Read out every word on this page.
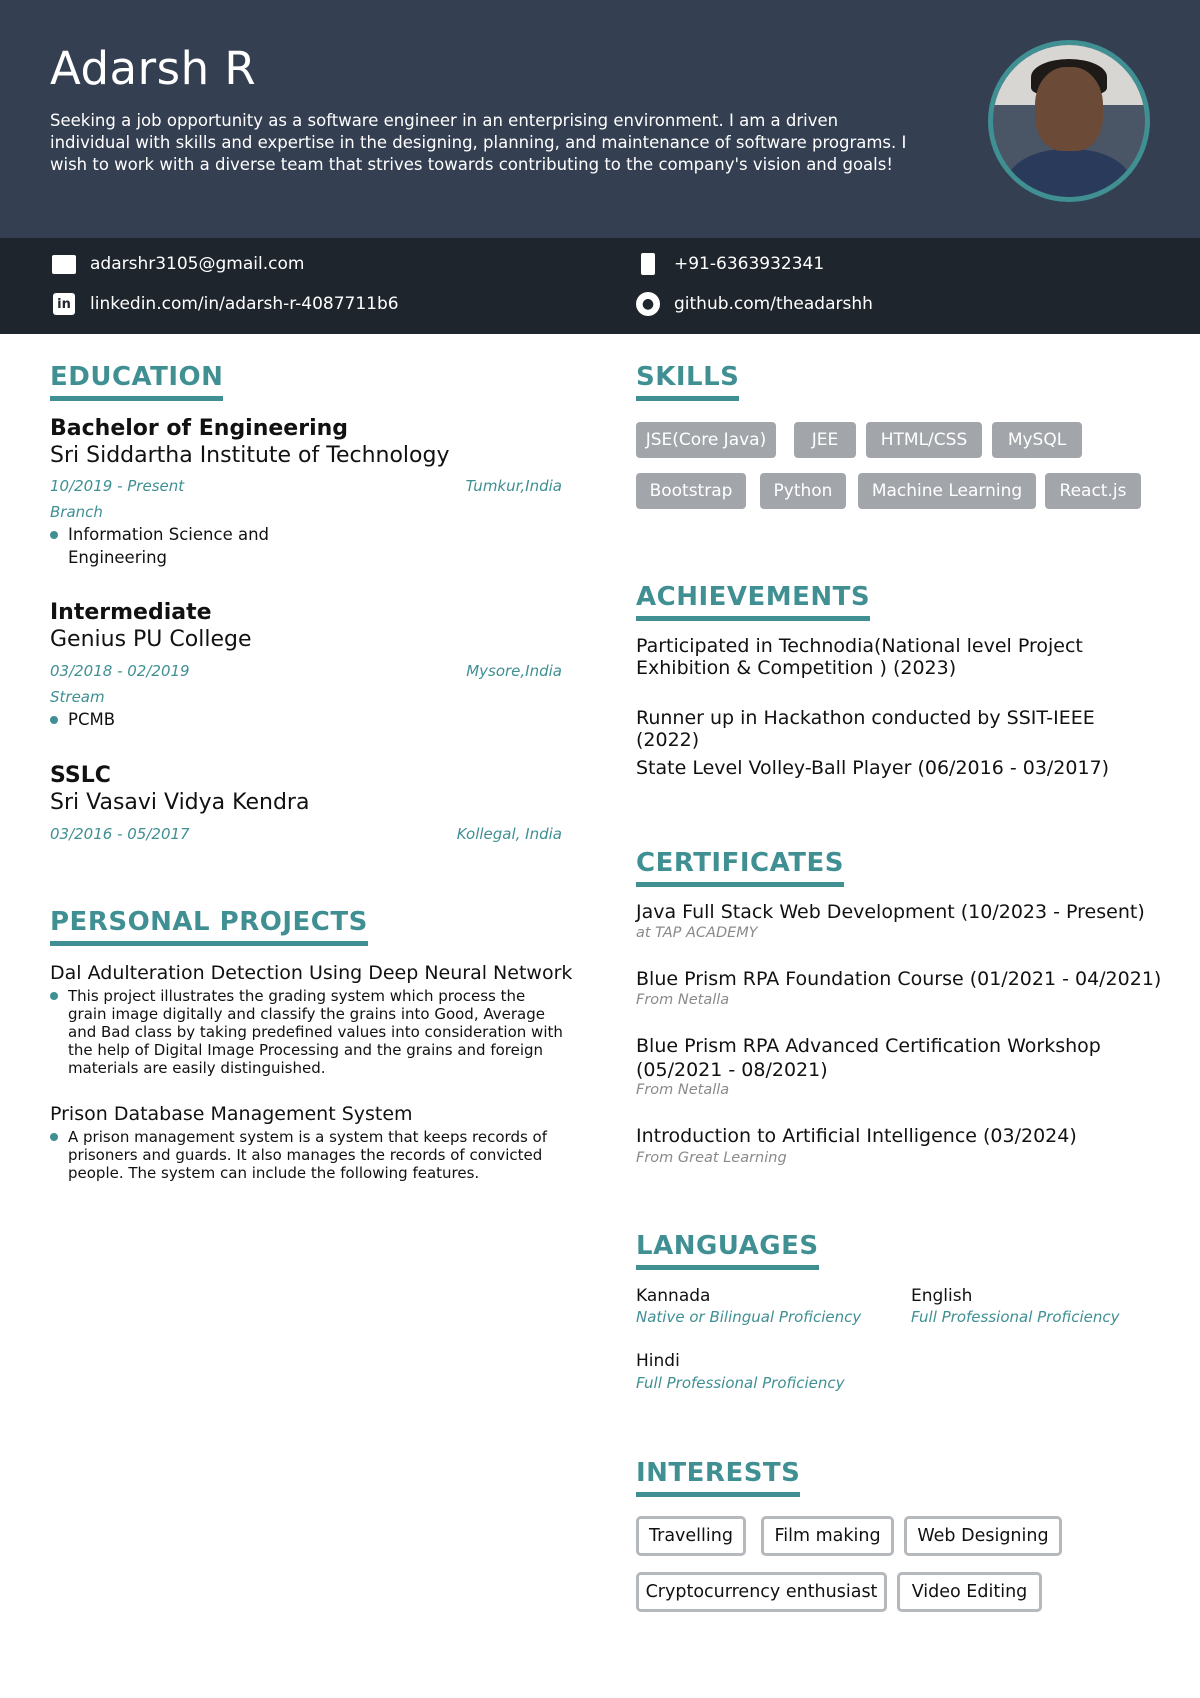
Adarsh R
Seeking a job opportunity as a software engineer in an enterprising environment. I am a driven individual with skills and expertise in the designing, planning, and maintenance of software programs. I wish to work with a diverse team that strives towards contributing to the company's vision and goals!
adarshr3105@gmail.com	+91-6363932341
in linkedin.com/in/adarsh-r-4087711b6	●	github.com/theadarshh
EDUCATION
Bachelor of Engineering
Sri Siddartha Institute of Technology
10/2019 - Present	Tumkur,India
Branch
Information Science and Engineering
Intermediate
Genius PU College
03/2018 - 02/2019	Mysore,India
Stream
PCMB
SSLC
Sri Vasavi Vidya Kendra
03/2016 - 05/2017	Kollegal, India
PERSONAL PROJECTS
Dal Adulteration Detection Using Deep Neural Network
This project illustrates the grading system which process the grain image digitally and classify the grains into Good, Average and Bad class by taking predefined values into consideration with the help of Digital Image Processing and the grains and foreign materials are easily distinguished.
Prison Database Management System
A prison management system is a system that keeps records of prisoners and guards. It also manages the records of convicted people. The system can include the following features.
SKILLS
JSE(Core Java)	JEE	HTML/CSS	MySQL
Bootstrap	Python	Machine Learning	React.js
ACHIEVEMENTS
Participated in Technodia(National level Project Exhibition & Competition ) (2023)
Runner up in Hackathon conducted by SSIT-IEEE (2022)
State Level Volley-Ball Player (06/2016 - 03/2017)
CERTIFICATES
Java Full Stack Web Development (10/2023 - Present)
at TAP ACADEMY
Blue Prism RPA Foundation Course (01/2021 - 04/2021)
From Netalla
Blue Prism RPA Advanced Certification Workshop (05/2021 - 08/2021)
From Netalla
Introduction to Artificial Intelligence (03/2024)
From Great Learning
LANGUAGES
Kannada
Native or Bilingual Proficiency
English
Full Professional Proficiency
Hindi
Full Professional Proficiency
INTERESTS
Travelling	Film making	Web Designing
Cryptocurrency enthusiast	Video Editing
